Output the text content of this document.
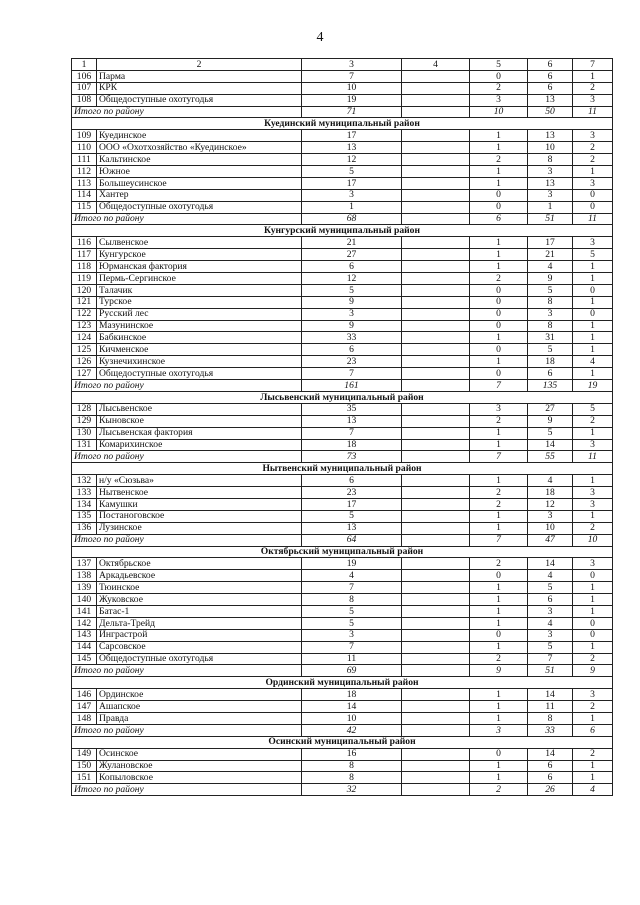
4
1	2	3	4	5	6	7
106	Парма	7		0	6	1
107	КРК	10		2	6	2
108	Общедоступные охотугодья	19		3	13	3
Итого по району		71		10	50	11
Куединский муниципальный район						
109	Куединское	17		1	13	3
110	ООО «Охотхозяйство «Куединское»	13		1	10	2
111	Кальтинское	12		2	8	2
112	Южное	5		1	3	1
113	Большеусинское	17		1	13	3
114	Хантер	3		0	3	0
115	Общедоступные охотугодья	1		0	1	0
Итого по району		68		6	51	11
Кунгурский муниципальный район						
116	Сылвенское	21		1	17	3
117	Кунгурское	27		1	21	5
118	Юрманская фактория	6		1	4	1
119	Пермь-Сергинское	12		2	9	1
120	Талачик	5		0	5	0
121	Турское	9		0	8	1
122	Русский лес	3		0	3	0
123	Мазунинское	9		0	8	1
124	Бабкинское	33		1	31	1
125	Кичменское	6		0	5	1
126	Кузнечихинское	23		1	18	4
127	Общедоступные охотугодья	7		0	6	1
Итого по району		161		7	135	19
Лысьвенский муниципальный район						
128	Лысьвенское	35		3	27	5
129	Кыновское	13		2	9	2
130	Лысьвенская фактория	7		1	5	1
131	Комарихинское	18		1	14	3
Итого по району		73		7	55	11
Нытвенский муниципальный район						
132	н/у «Сюзьва»	6		1	4	1
133	Нытвенское	23		2	18	3
134	Камушки	17		2	12	3
135	Постаноговское	5		1	3	1
136	Лузинское	13		1	10	2
Итого по району		64		7	47	10
Октябрьский муниципальный район						
137	Октябрьское	19		2	14	3
138	Аркадьевское	4		0	4	0
139	Тюинское	7		1	5	1
140	Жуковское	8		1	6	1
141	Батас-1	5		1	3	1
142	Дельта-Трейд	5		1	4	0
143	Инграстрой	3		0	3	0
144	Сарсовское	7		1	5	1
145	Общедоступные охотугодья	11		2	7	2
Итого по району		69		9	51	9
Ординский муниципальный район						
146	Ординское	18		1	14	3
147	Ашапское	14		1	11	2
148	Правда	10		1	8	1
Итого по району		42		3	33	6
Осинский муниципальный район						
149	Осинское	16		0	14	2
150	Жулановское	8		1	6	1
151	Копыловское	8		1	6	1
Итого по району		32		2	26	4
